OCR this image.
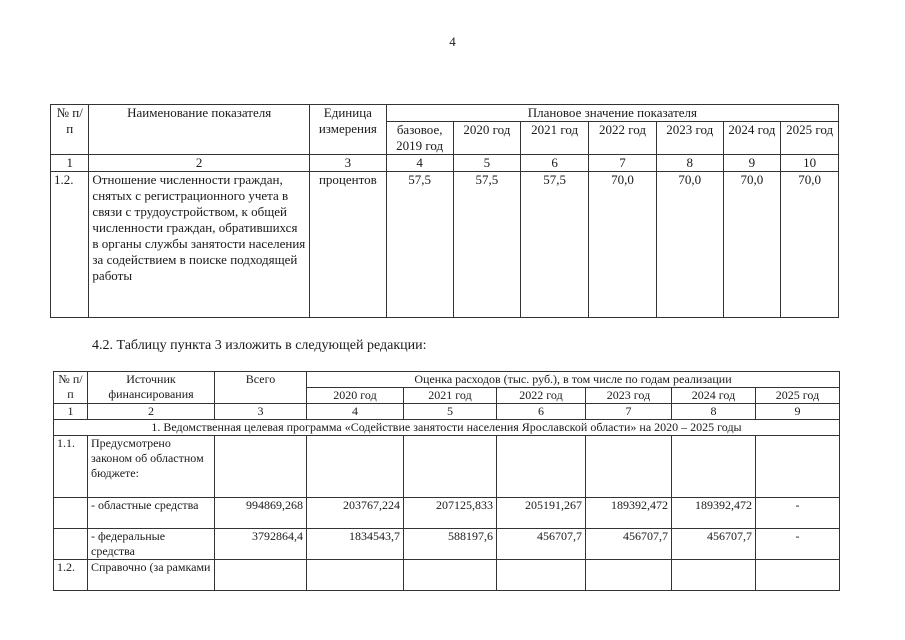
4
№ п/п	Наименование показателя	Единица измерения	Плановое значение показателя						
			базовое, 2019 год	2020 год	2021 год	2022 год	2023 год	2024 год	2025 год
1	2	3	4	5	6	7	8	9	10
1.2.	Отношение численности граждан, снятых с регистрационного учета в связи с трудоустройством, к общей численности граждан, обратившихся в органы службы занятости населения за содействием в поиске подходящей работы	процентов	57,5	57,5	57,5	70,0	70,0	70,0	70,0
4.2. Таблицу пункта 3 изложить в следующей редакции:
№ п/п	Источник финансирования	Всего	Оценка расходов (тыс. руб.), в том числе по годам реализации					
			2020 год	2021 год	2022 год	2023 год	2024 год	2025 год
1	2	3	4	5	6	7	8	9
1. Ведомственная целевая программа «Содействие занятости населения Ярославской области» на 2020 – 2025 годы								
1.1.	Предусмотрено законом об областном бюджете:							
	- областные средства	994869,268	203767,224	207125,833	205191,267	189392,472	189392,472	-
	- федеральные средства	3792864,4	1834543,7	588197,6	456707,7	456707,7	456707,7	-
1.2.	Справочно (за рамками							
